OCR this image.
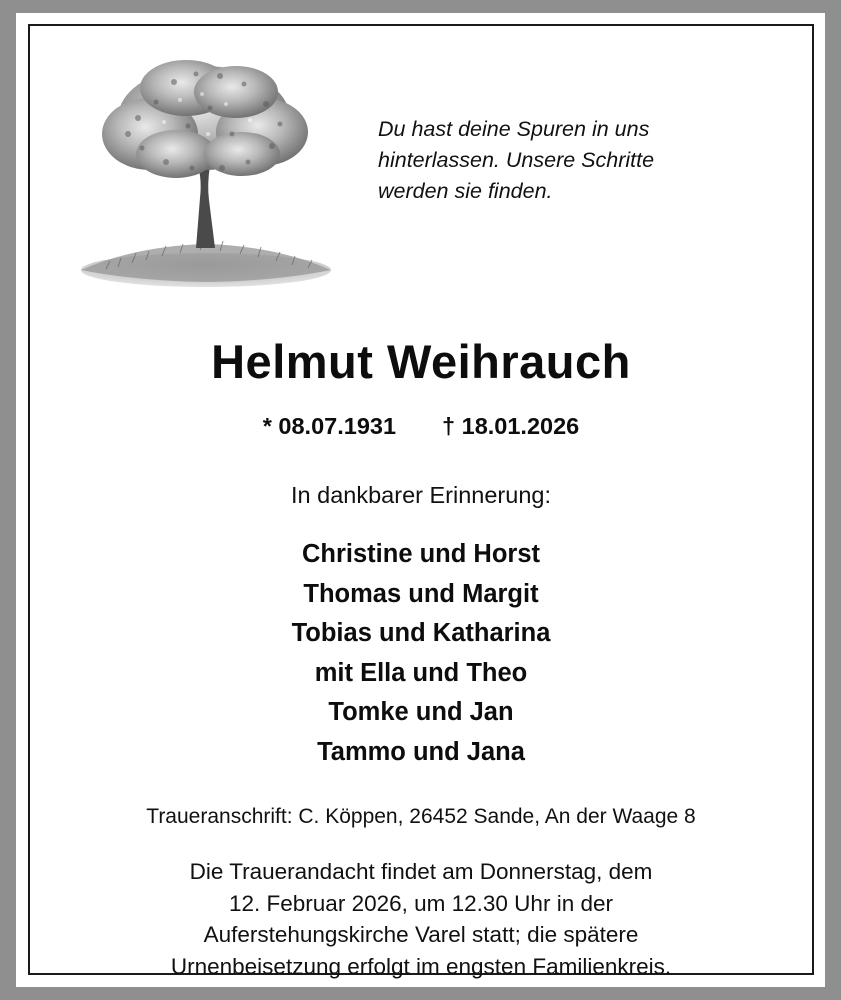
Du hast deine Spuren in uns
hinterlassen. Unsere Schritte
werden sie finden.
Helmut Weihrauch
* 08.07.1931 † 18.01.2026
In dankbarer Erinnerung:
Christine und Horst
Thomas und Margit
Tobias und Katharina
mit Ella und Theo
Tomke und Jan
Tammo und Jana
Traueranschrift: C. Köppen, 26452 Sande, An der Waage 8
Die Trauerandacht findet am Donnerstag, dem
12. Februar 2026, um 12.30 Uhr in der
Auferstehungskirche Varel statt; die spätere
Urnenbeisetzung erfolgt im engsten Familienkreis.
